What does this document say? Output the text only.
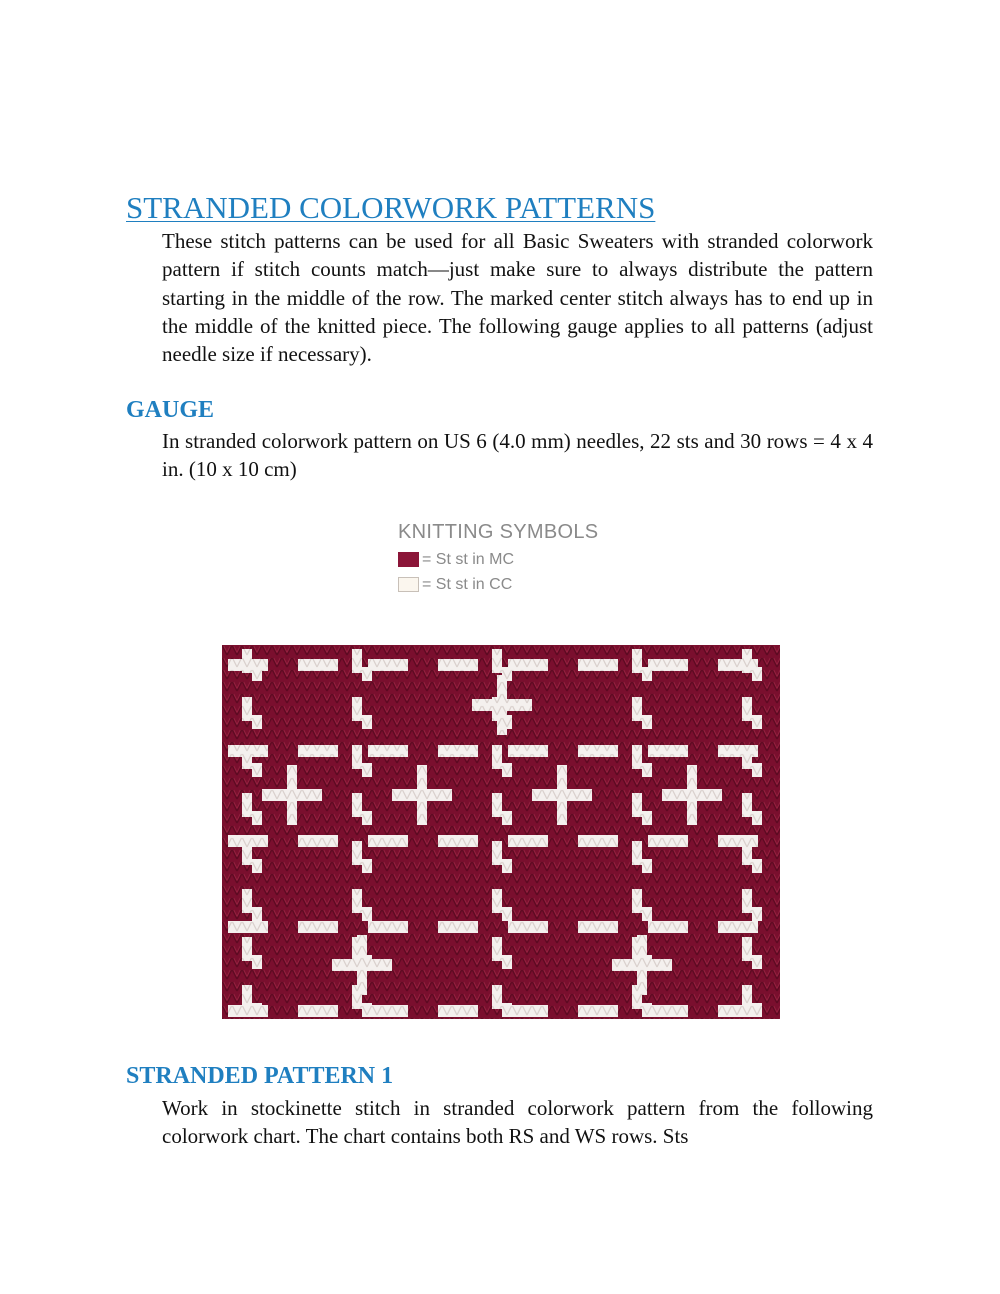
STRANDED COLORWORK PATTERNS

These stitch patterns can be used for all Basic Sweaters with stranded colorwork pattern if stitch counts match—just make sure to always distribute the pattern starting in the middle of the row. The marked center stitch always has to end up in the middle of the knitted piece. The following gauge applies to all patterns (adjust needle size if necessary).

GAUGE

In stranded colorwork pattern on US 6 (4.0 mm) needles, 22 sts and 30 rows = 4 x 4 in. (10 x 10 cm)

KNITTING SYMBOLS
= St st in MC
= St st in CC
STRANDED PATTERN 1

Work in stockinette stitch in stranded colorwork pattern from the following colorwork chart. The chart contains both RS and WS rows. Sts
